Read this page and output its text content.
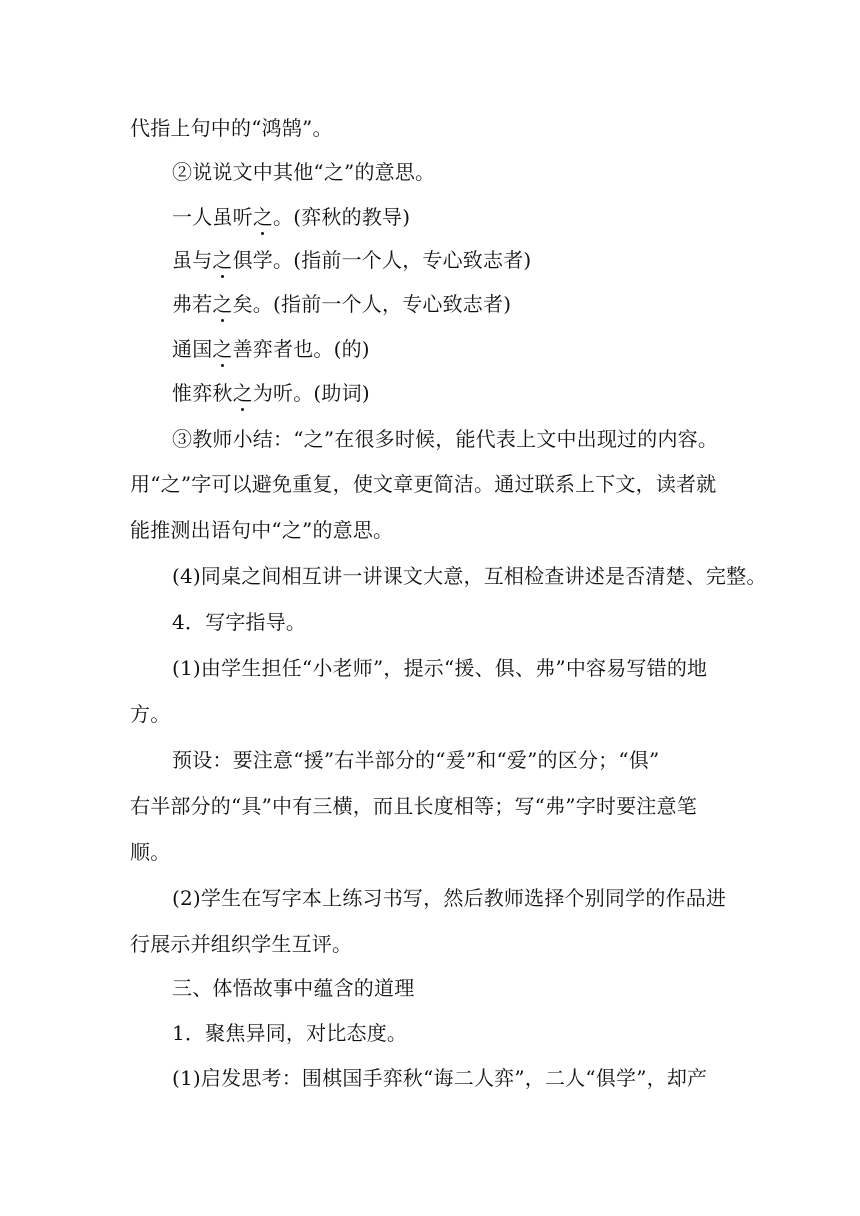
代指上句中的“鸿鹄”。
②说说文中其他“之”的意思。
一人虽听之。(弈秋的教导)
虽与之俱学。(指前一个人，专心致志者)
弗若之矣。(指前一个人，专心致志者)
通国之善弈者也。(的)
惟弈秋之为听。(助词)
③教师小结：“之”在很多时候，能代表上文中出现过的内容。
用“之”字可以避免重复，使文章更简洁。通过联系上下文，读者就
能推测出语句中“之”的意思。
(4)同桌之间相互讲一讲课文大意，互相检查讲述是否清楚、完整。
4．写字指导。
(1)由学生担任“小老师”，提示“援、俱、弗”中容易写错的地
方。
预设：要注意“援”右半部分的“爰”和“爱”的区分；“俱”
右半部分的“具”中有三横，而且长度相等；写“弗”字时要注意笔
顺。
(2)学生在写字本上练习书写，然后教师选择个别同学的作品进
行展示并组织学生互评。
三、体悟故事中蕴含的道理
1．聚焦异同，对比态度。
(1)启发思考：围棋国手弈秋“诲二人弈”，二人“俱学”，却产
